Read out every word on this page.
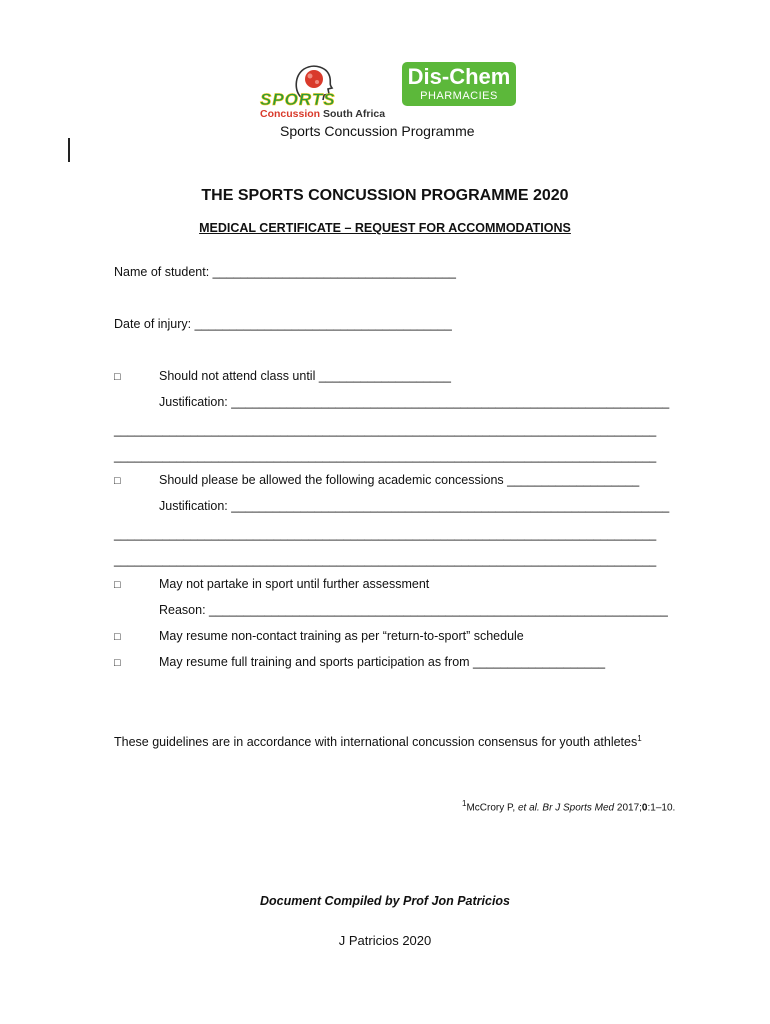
SPORTS
Concussion South Africa
Dis-Chem
PHARMACIES
Sports Concussion Programme
THE SPORTS CONCUSSION PROGRAMME 2020
MEDICAL CERTIFICATE – REQUEST FOR ACCOMMODATIONS
Name of student: ___________________________________
Date of injury: _____________________________________
□	Should not attend class until ___________________
Justification: _______________________________________________________________
______________________________________________________________________________
______________________________________________________________________________
□	Should please be allowed the following academic concessions ___________________
Justification: _______________________________________________________________
______________________________________________________________________________
______________________________________________________________________________
□	May not partake in sport until further assessment
Reason: __________________________________________________________________
□	May resume non-contact training as per “return-to-sport” schedule
□	May resume full training and sports participation as from ___________________
These guidelines are in accordance with international concussion consensus for youth athletes$^1$
$^1$McCrory P, et al. Br J Sports Med 2017;0:1–10.
Document Compiled by Prof Jon Patricios
J Patricios 2020
